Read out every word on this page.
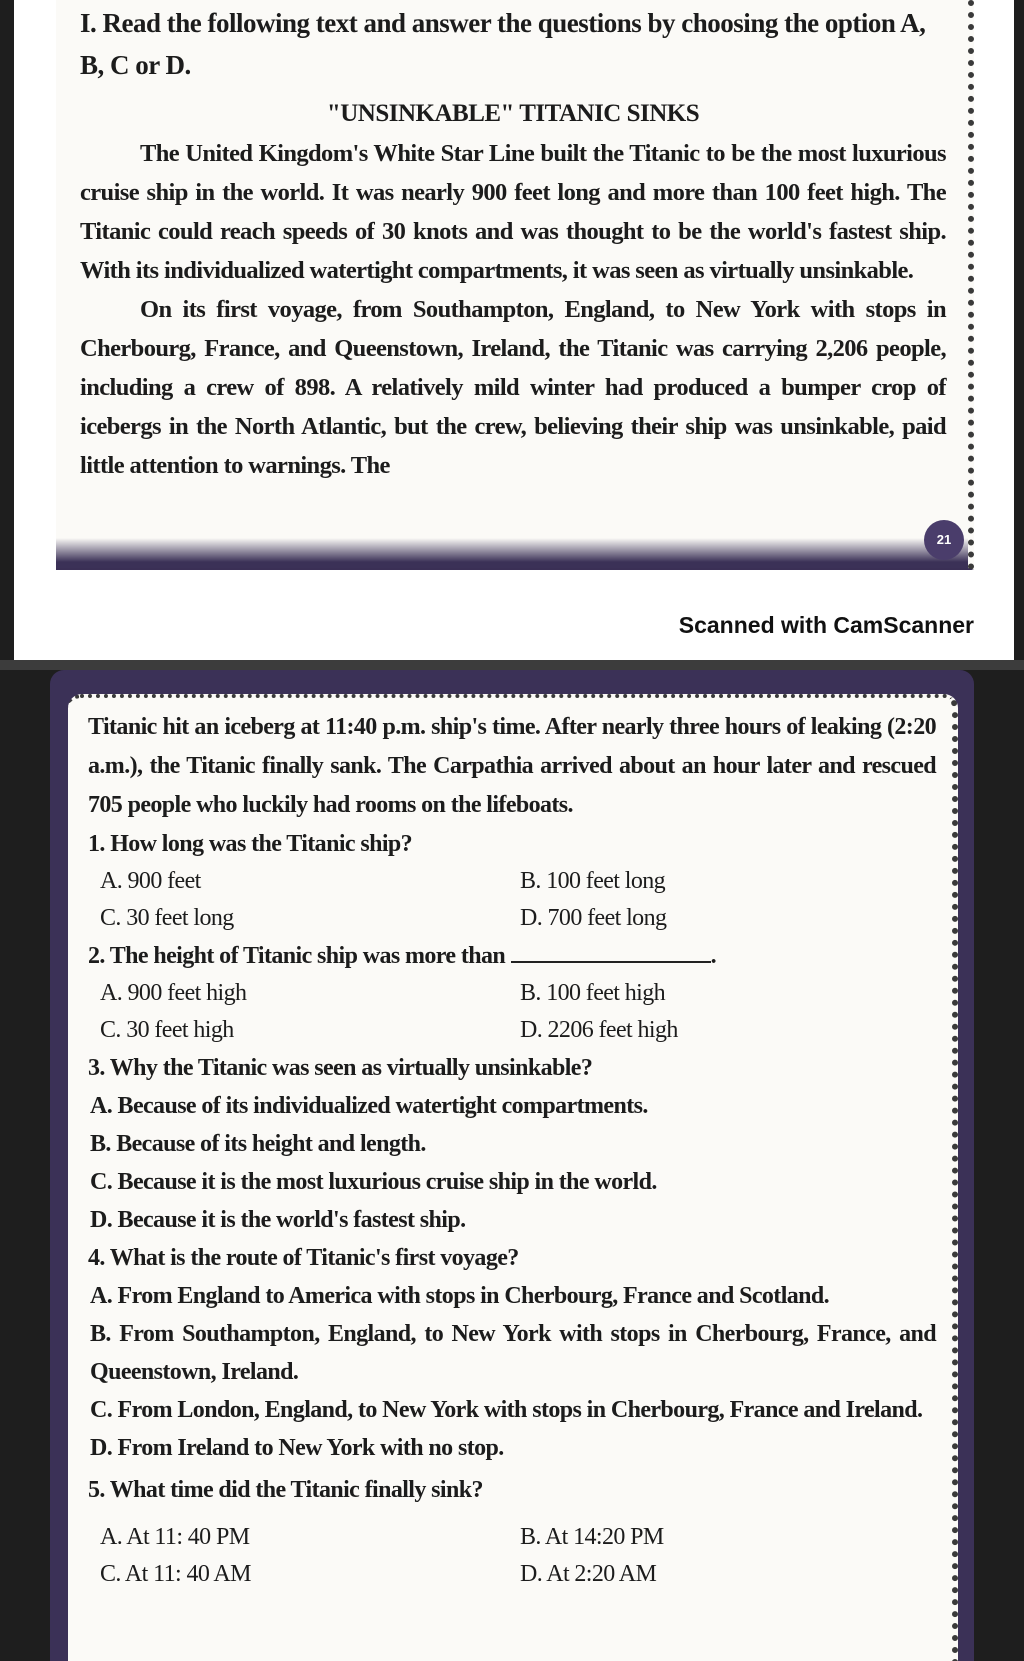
I. Read the following text and answer the questions by choosing the option A, B, C or D.

"UNSINKABLE" TITANIC SINKS

The United Kingdom's White Star Line built the Titanic to be the most luxurious cruise ship in the world. It was nearly 900 feet long and more than 100 feet high. The Titanic could reach speeds of 30 knots and was thought to be the world's fastest ship. With its individualized watertight compartments, it was seen as virtually unsinkable.

On its first voyage, from Southampton, England, to New York with stops in Cherbourg, France, and Queenstown, Ireland, the Titanic was carrying 2,206 people, including a crew of 898. A relatively mild winter had produced a bumper crop of icebergs in the North Atlantic, but the crew, believing their ship was unsinkable, paid little attention to warnings. The

21
Scanned with CamScanner

Titanic hit an iceberg at 11:40 p.m. ship's time. After nearly three hours of leaking (2:20 a.m.), the Titanic finally sank. The Carpathia arrived about an hour later and rescued 705 people who luckily had rooms on the lifeboats.

1. How long was the Titanic ship?

A. 900 feet	B. 100 feet long
C. 30 feet long	D. 700 feet long

2. The height of Titanic ship was more than	.

A. 900 feet high	B. 100 feet high
C. 30 feet high	D. 2206 feet high

3. Why the Titanic was seen as virtually unsinkable?

A. Because of its individualized watertight compartments.

B. Because of its height and length.

C. Because it is the most luxurious cruise ship in the world.

D. Because it is the world's fastest ship.

4. What is the route of Titanic's first voyage?

A. From England to America with stops in Cherbourg, France and Scotland.

B. From Southampton, England, to New York with stops in Cherbourg, France, and Queenstown, Ireland.

C. From London, England, to New York with stops in Cherbourg, France and Ireland.

D. From Ireland to New York with no stop.

5. What time did the Titanic finally sink?

A. At 11: 40 PM	B. At 14:20 PM
C. At 11: 40 AM	D. At 2:20 AM
